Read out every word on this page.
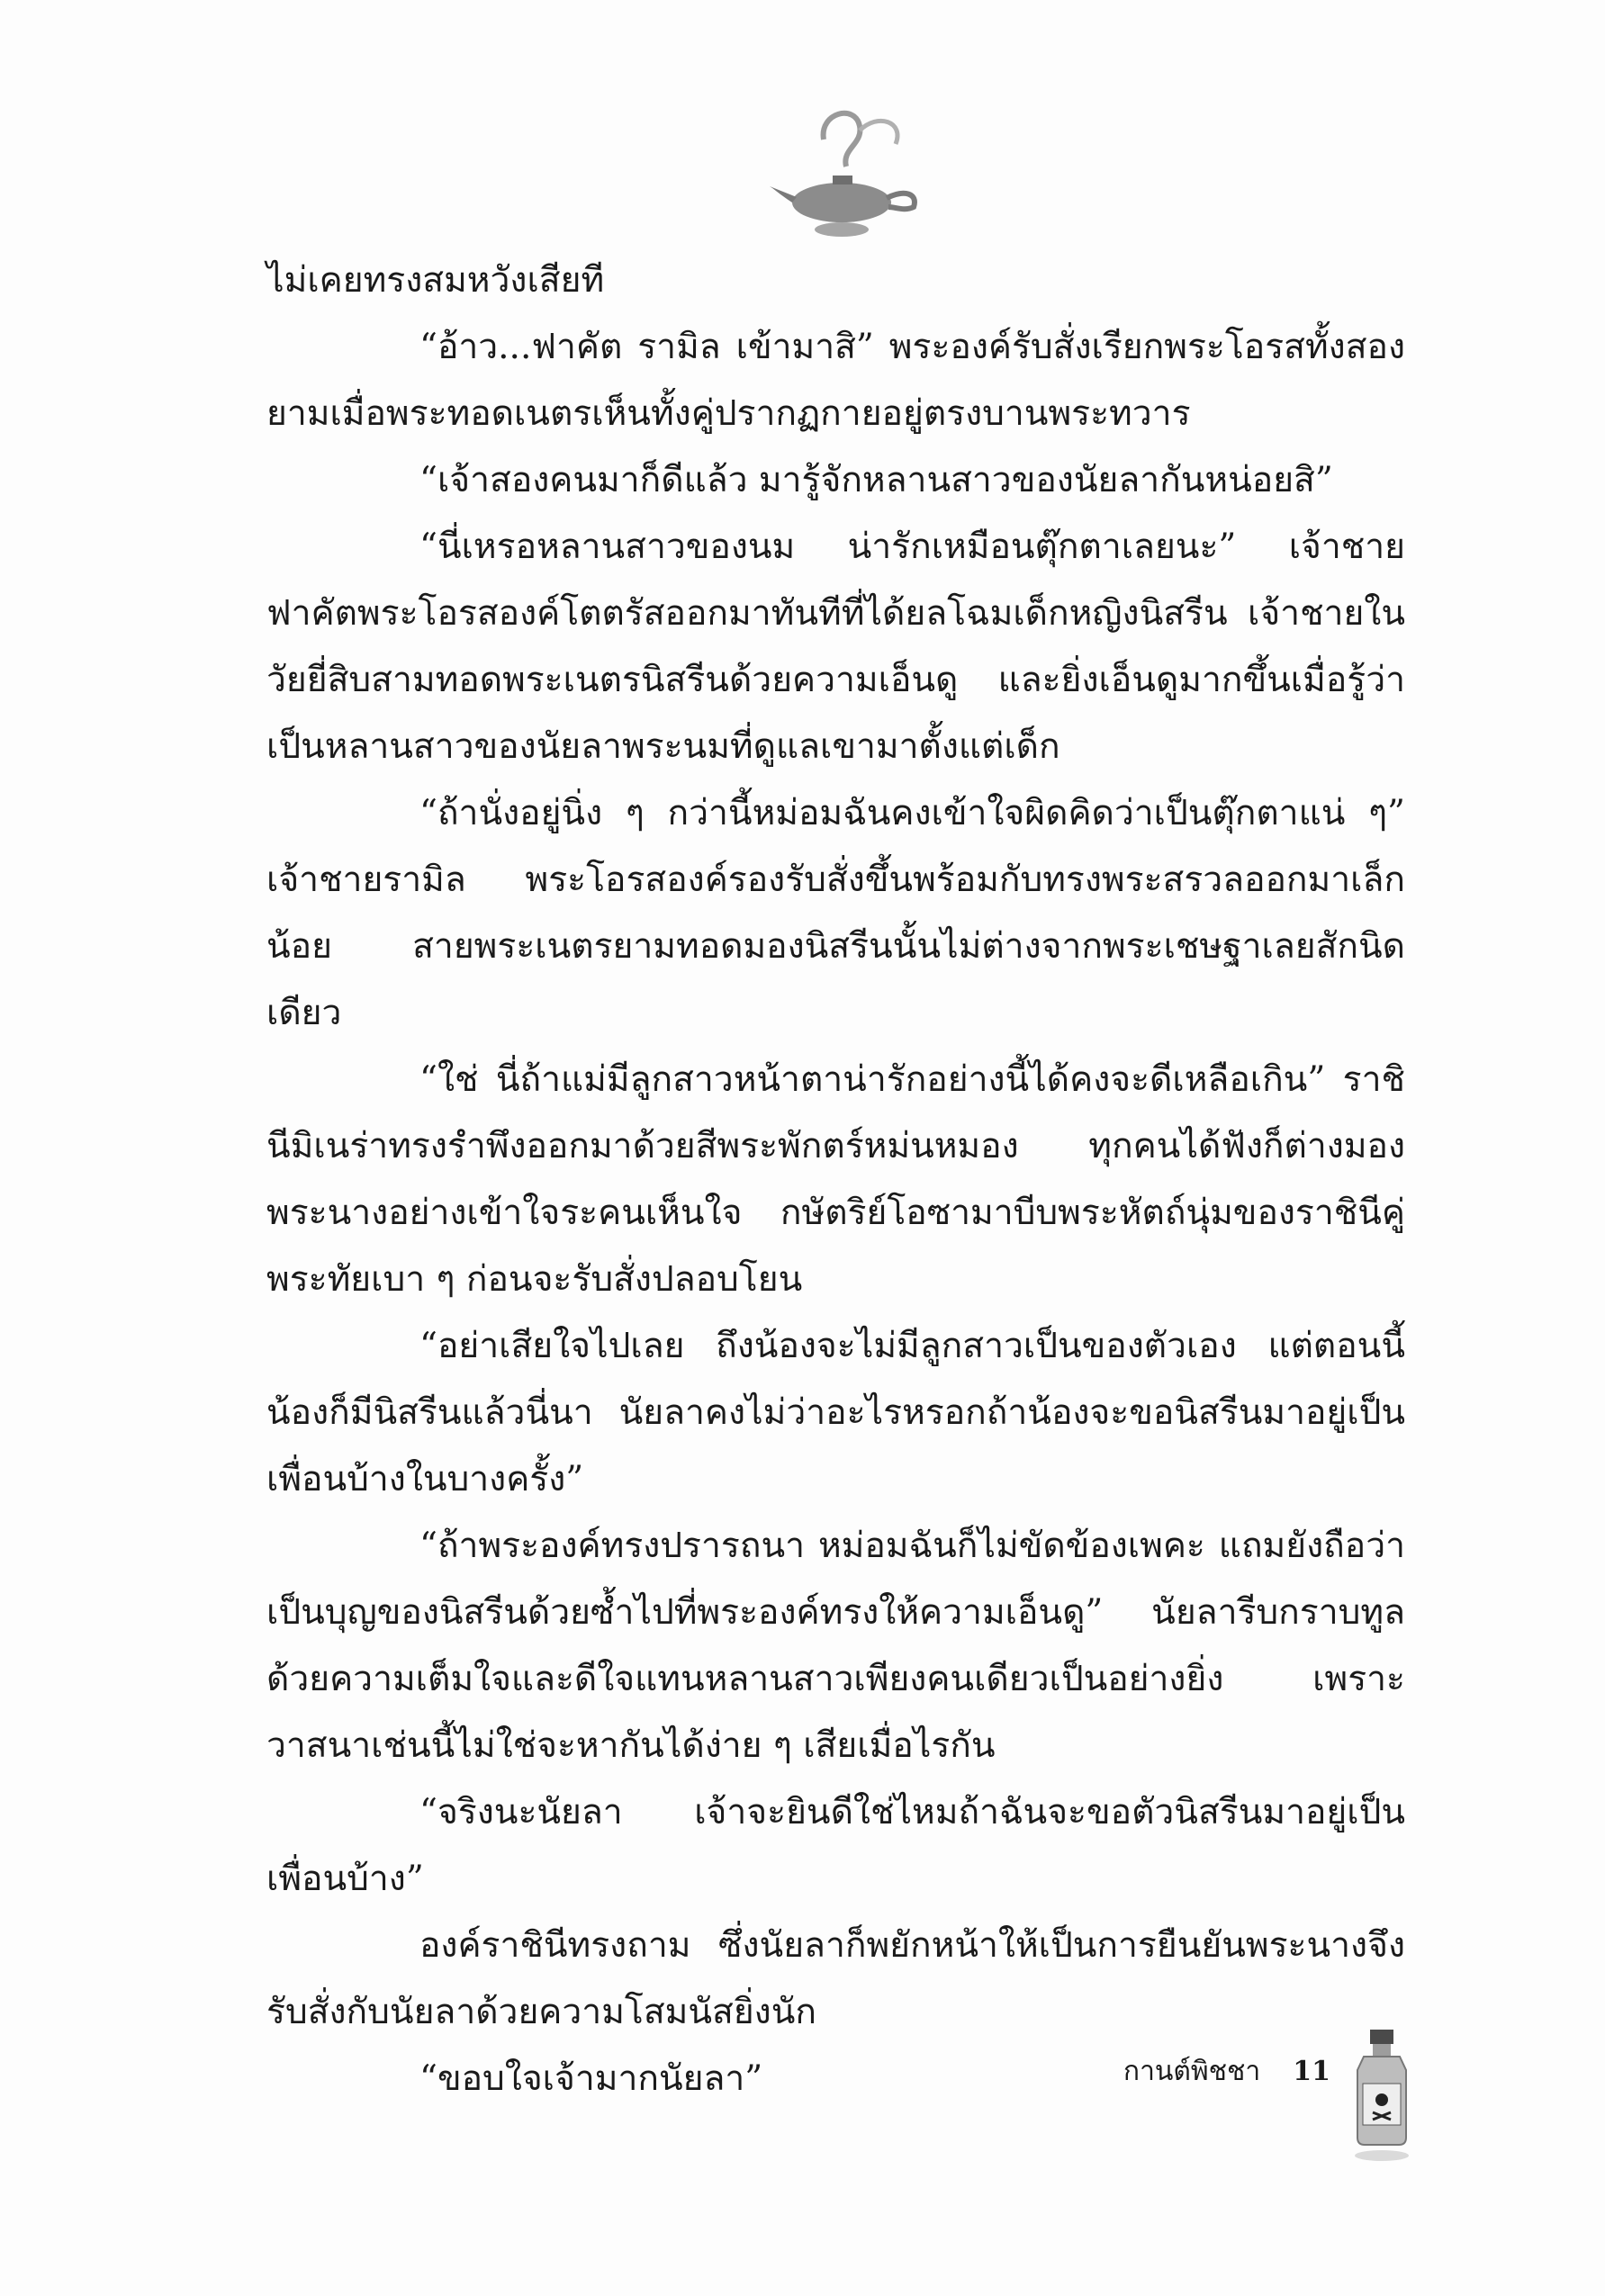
ไม่เคยทรงสมหวังเสียที

“อ้าว...ฟาคัต รามิล เข้ามาสิ” พระองค์รับสั่งเรียกพระโอรสทั้งสองยามเมื่อพระทอดเนตรเห็นทั้งคู่ปรากฏกายอยู่ตรงบานพระทวาร

“เจ้าสองคนมาก็ดีแล้ว มารู้จักหลานสาวของนัยลากันหน่อยสิ”

“นี่เหรอหลานสาวของนม น่ารักเหมือนตุ๊กตาเลยนะ” เจ้าชายฟาคัตพระโอรสองค์โตตรัสออกมาทันทีที่ได้ยลโฉมเด็กหญิงนิสรีน เจ้าชายในวัยยี่สิบสามทอดพระเนตรนิสรีนด้วยความเอ็นดู และยิ่งเอ็นดูมากขึ้นเมื่อรู้ว่าเป็นหลานสาวของนัยลาพระนมที่ดูแลเขามาตั้งแต่เด็ก

“ถ้านั่งอยู่นิ่ง ๆ กว่านี้หม่อมฉันคงเข้าใจผิดคิดว่าเป็นตุ๊กตาแน่ ๆ” เจ้าชายรามิล พระโอรสองค์รองรับสั่งขึ้นพร้อมกับทรงพระสรวลออกมาเล็กน้อย สายพระเนตรยามทอดมองนิสรีนนั้นไม่ต่างจากพระเชษฐาเลยสักนิดเดียว

“ใช่ นี่ถ้าแม่มีลูกสาวหน้าตาน่ารักอย่างนี้ได้คงจะดีเหลือเกิน” ราชินีมิเนร่าทรงรำพึงออกมาด้วยสีพระพักตร์หม่นหมอง ทุกคนได้ฟังก็ต่างมองพระนางอย่างเข้าใจระคนเห็นใจ กษัตริย์โอซามาบีบพระหัตถ์นุ่มของราชินีคู่พระทัยเบา ๆ ก่อนจะรับสั่งปลอบโยน

“อย่าเสียใจไปเลย ถึงน้องจะไม่มีลูกสาวเป็นของตัวเอง แต่ตอนนี้น้องก็มีนิสรีนแล้วนี่นา นัยลาคงไม่ว่าอะไรหรอกถ้าน้องจะขอนิสรีนมาอยู่เป็นเพื่อนบ้างในบางครั้ง”

“ถ้าพระองค์ทรงปรารถนา หม่อมฉันก็ไม่ขัดข้องเพคะ แถมยังถือว่าเป็นบุญของนิสรีนด้วยซ้ำไปที่พระองค์ทรงให้ความเอ็นดู” นัยลารีบกราบทูลด้วยความเต็มใจและดีใจแทนหลานสาวเพียงคนเดียวเป็นอย่างยิ่ง เพราะวาสนาเช่นนี้ไม่ใช่จะหากันได้ง่าย ๆ เสียเมื่อไรกัน

“จริงนะนัยลา เจ้าจะยินดีใช่ไหมถ้าฉันจะขอตัวนิสรีนมาอยู่เป็นเพื่อนบ้าง”

องค์ราชินีทรงถาม ซึ่งนัยลาก็พยักหน้าให้เป็นการยืนยันพระนางจึงรับสั่งกับนัยลาด้วยความโสมนัสยิ่งนัก

“ขอบใจเจ้ามากนัยลา”	กานต์พิชชา 11
